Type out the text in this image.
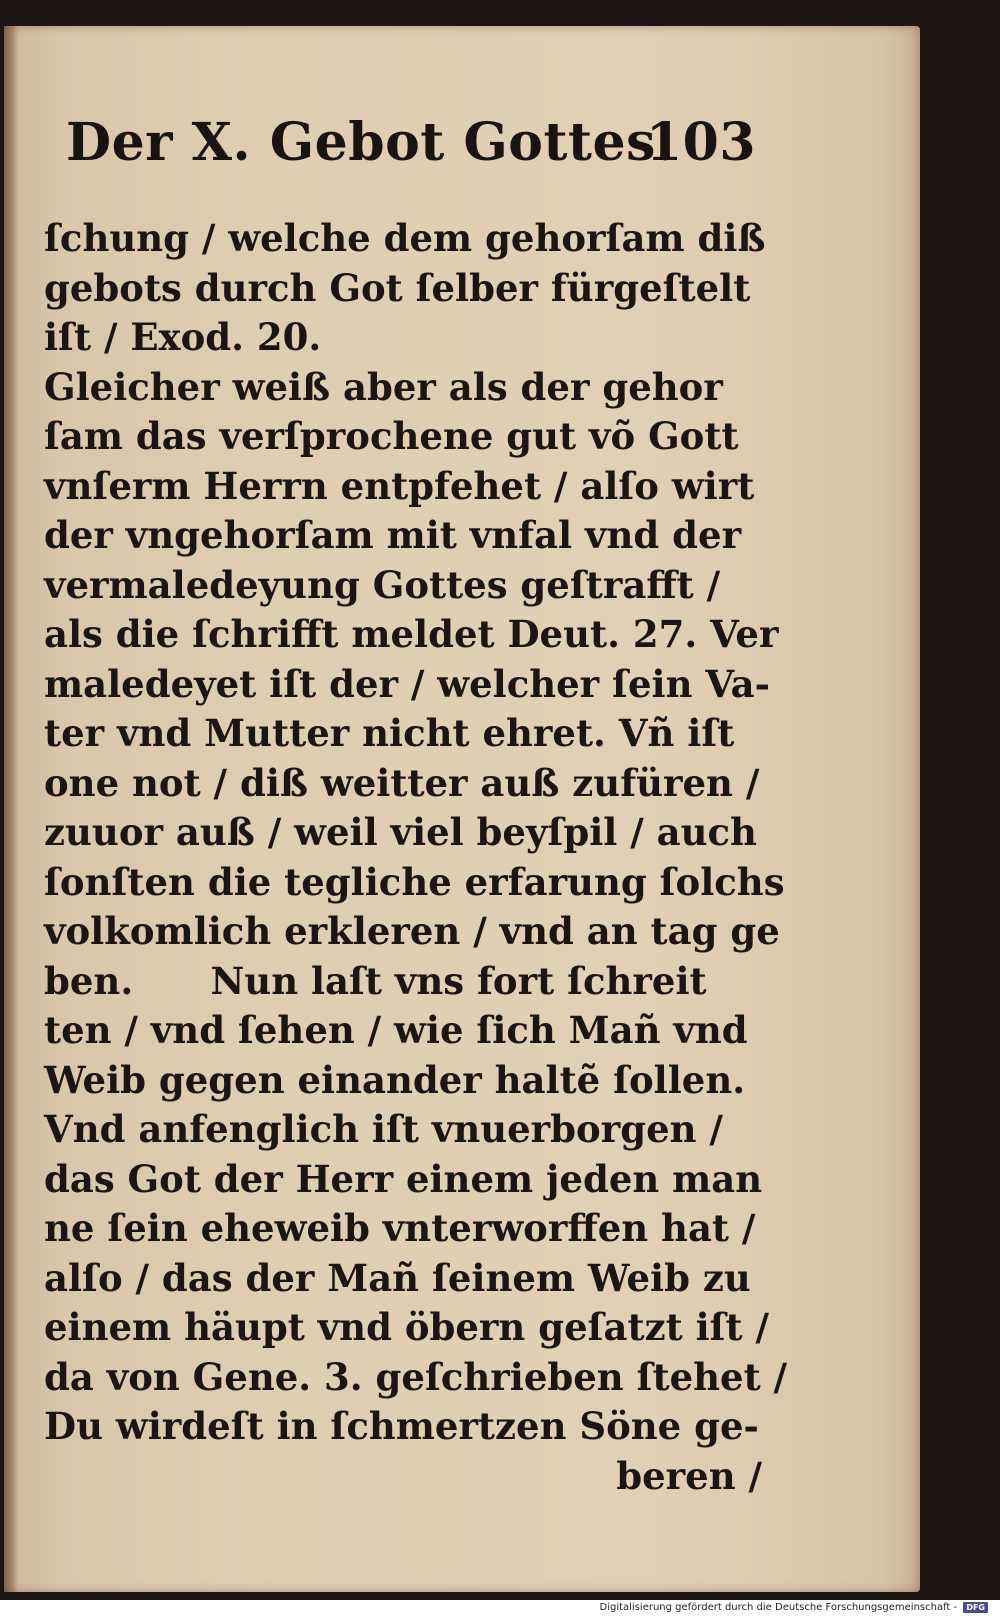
Der X. Gebot Gottes.
103
ſchung / welche dem gehorſam diß
gebots durch Got ſelber fürgeſtelt
iſt / Exod. 20.
Gleicher weiß aber als der gehor
ſam das verſprochene gut võ Gott
vnſerm Herrn entpfehet / alſo wirt
der vngehorſam mit vnfal vnd der
vermaledeyung Gottes geſtrafft /
als die ſchrifft meldet Deut. 27. Ver
maledeyet iſt der / welcher ſein Va-
ter vnd Mutter nicht ehret. Vñ iſt
one not / diß weitter auß zufüren /
zuuor auß / weil viel beyſpil / auch
ſonſten die tegliche erfarung ſolchs
volkomlich erkleren / vnd an tag ge
ben.      Nun laſt vns fort ſchreit
ten / vnd ſehen / wie ſich Mañ vnd
Weib gegen einander haltẽ ſollen.
Vnd anfenglich iſt vnuerborgen /
das Got der Herr einem jeden man
ne ſein eheweib vnterworffen hat /
alſo / das der Mañ ſeinem Weib zu
einem häupt vnd öbern geſatzt iſt /
da von Gene. 3. geſchrieben ſtehet /
Du wirdeſt in ſchmertzen Söne ge-
beren /
Digitalisierung gefördert durch die Deutsche Forschungsgemeinschaft - DFG
